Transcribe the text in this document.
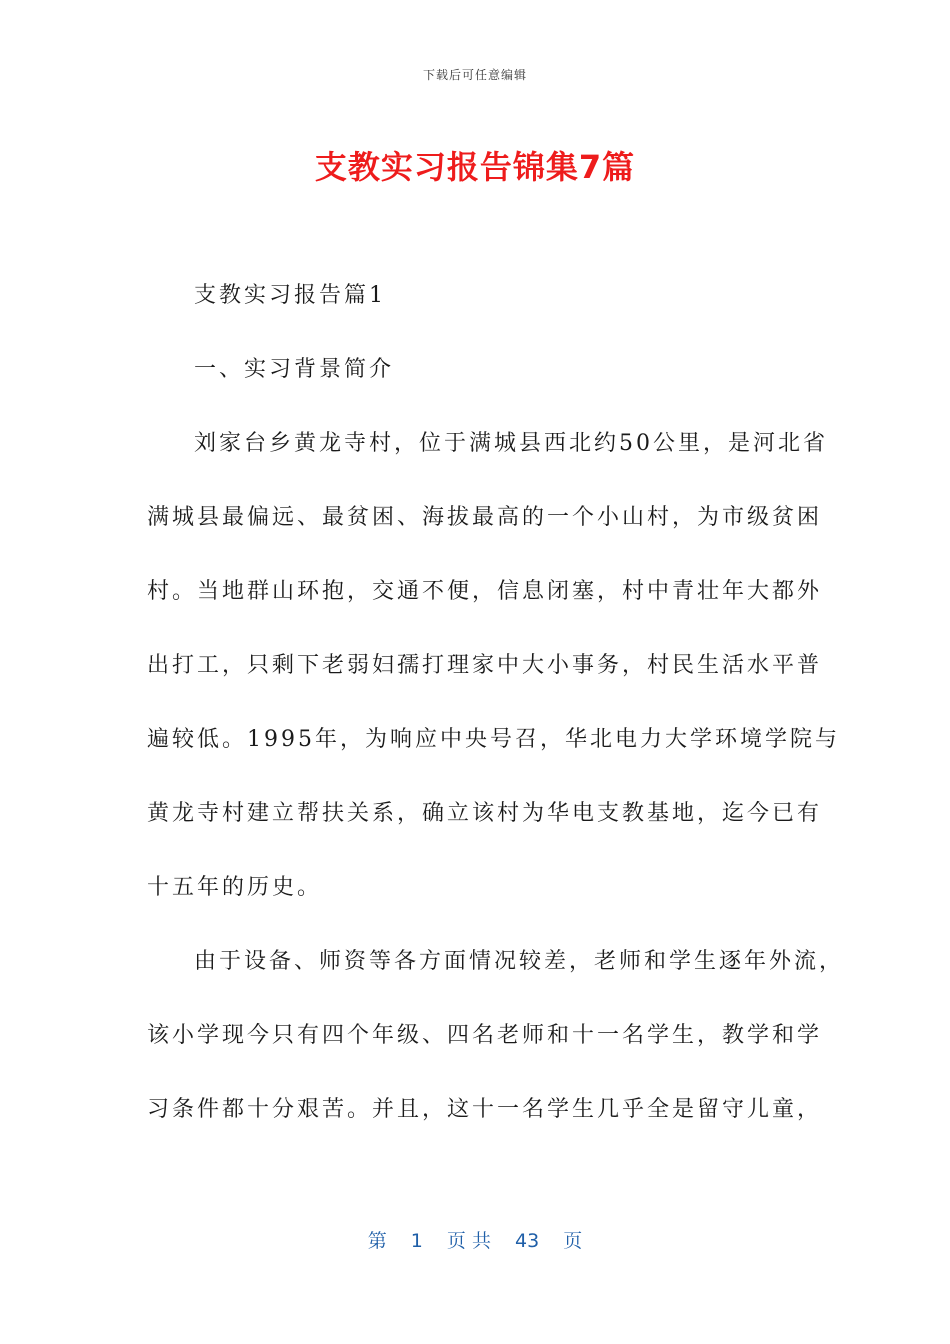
下载后可任意编辑
支教实习报告锦集7篇
支教实习报告篇1
一、实习背景简介
刘家台乡黄龙寺村，位于满城县西北约50公里，是河北省
满城县最偏远、最贫困、海拔最高的一个小山村，为市级贫困
村。当地群山环抱，交通不便，信息闭塞，村中青壮年大都外
出打工，只剩下老弱妇孺打理家中大小事务，村民生活水平普
遍较低。1995年，为响应中央号召，华北电力大学环境学院与
黄龙寺村建立帮扶关系，确立该村为华电支教基地，迄今已有
十五年的历史。
由于设备、师资等各方面情况较差，老师和学生逐年外流，
该小学现今只有四个年级、四名老师和十一名学生，教学和学
习条件都十分艰苦。并且，这十一名学生几乎全是留守儿童，
第 1 页 共 43 页
